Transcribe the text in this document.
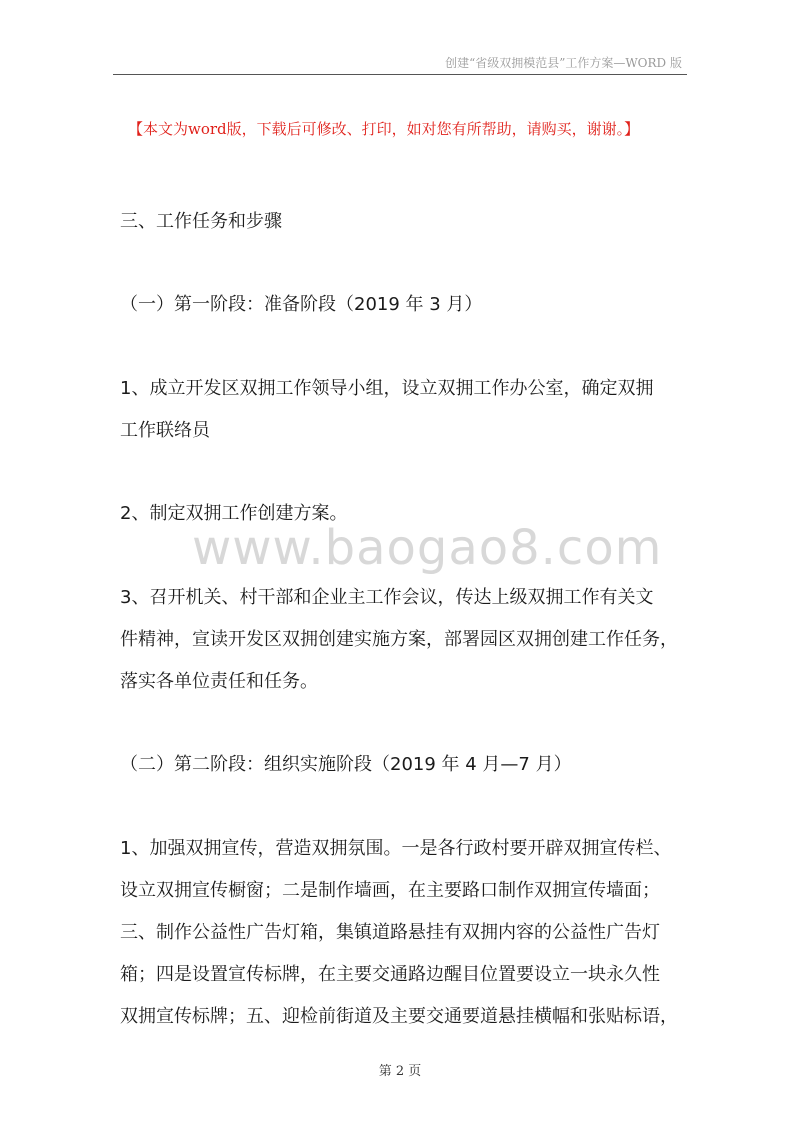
创建“省级双拥模范县”工作方案—WORD 版
【本文为word版，下载后可修改、打印，如对您有所帮助，请购买，谢谢。】
三、工作任务和步骤
（一）第一阶段：准备阶段（2019 年 3 月）
1、成立开发区双拥工作领导小组，设立双拥工作办公室，确定双拥
工作联络员
2、制定双拥工作创建方案。
www.baogao8.com
3、召开机关、村干部和企业主工作会议，传达上级双拥工作有关文
件精神，宣读开发区双拥创建实施方案，部署园区双拥创建工作任务，
落实各单位责任和任务。
（二）第二阶段：组织实施阶段（2019 年 4 月—7 月）
1、加强双拥宣传，营造双拥氛围。一是各行政村要开辟双拥宣传栏、
设立双拥宣传橱窗；二是制作墙画，在主要路口制作双拥宣传墙面；
三、制作公益性广告灯箱，集镇道路悬挂有双拥内容的公益性广告灯
箱；四是设置宣传标牌，在主要交通路边醒目位置要设立一块永久性
双拥宣传标牌；五、迎检前街道及主要交通要道悬挂横幅和张贴标语，
第 2 页
